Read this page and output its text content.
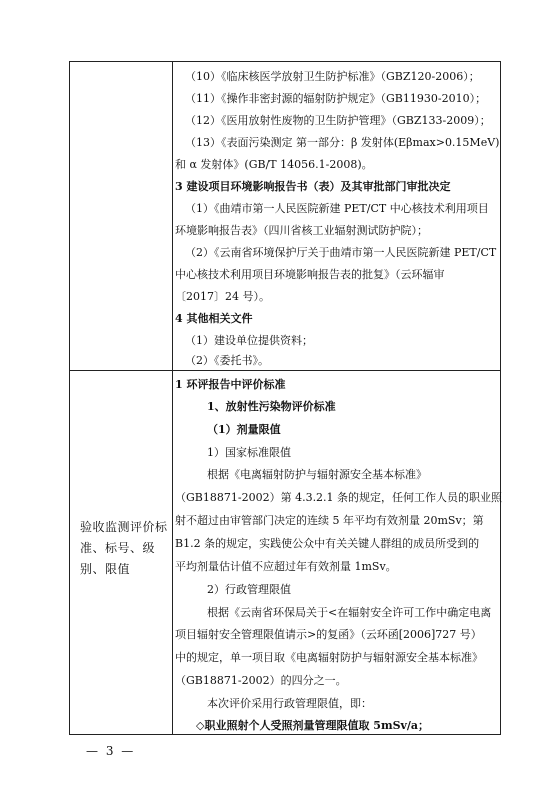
验收监测评价标准、标号、级别、限值
（10）《临床核医学放射卫生防护标准》（GBZ120-2006）；
（11）《操作非密封源的辐射防护规定》（GB11930-2010）；
（12）《医用放射性废物的卫生防护管理》（GBZ133-2009）；
（13）《表面污染测定 第一部分：β 发射体(Eβmax>0.15MeV)
和 α 发射体》(GB/T 14056.1-2008)。
3 建设项目环境影响报告书（表）及其审批部门审批决定
（1）《曲靖市第一人民医院新建 PET/CT 中心核技术利用项目
环境影响报告表》（四川省核工业辐射测试防护院）；
（2）《云南省环境保护厅关于曲靖市第一人民医院新建 PET/CT
中心核技术利用项目环境影响报告表的批复》（云环辐审
〔2017〕24 号）。
4 其他相关文件
（1）建设单位提供资料；
（2）《委托书》。
1 环评报告中评价标准
1、放射性污染物评价标准
（1）剂量限值
1）国家标准限值
根据《电离辐射防护与辐射源安全基本标准》
（GB18871-2002）第 4.3.2.1 条的规定，任何工作人员的职业照
射不超过由审管部门决定的连续 5 年平均有效剂量 20mSv；第
B1.2 条的规定，实践使公众中有关关键人群组的成员所受到的
平均剂量估计值不应超过年有效剂量 1mSv。
2）行政管理限值
根据《云南省环保局关于<在辐射安全许可工作中确定电离
项目辐射安全管理限值请示>的复函》（云环函[2006]727 号）
中的规定，单一项目取《电离辐射防护与辐射源安全基本标准》
（GB18871-2002）的四分之一。
本次评价采用行政管理限值，即：
◇职业照射个人受照剂量管理限值取 5mSv/a；
— 3 —
